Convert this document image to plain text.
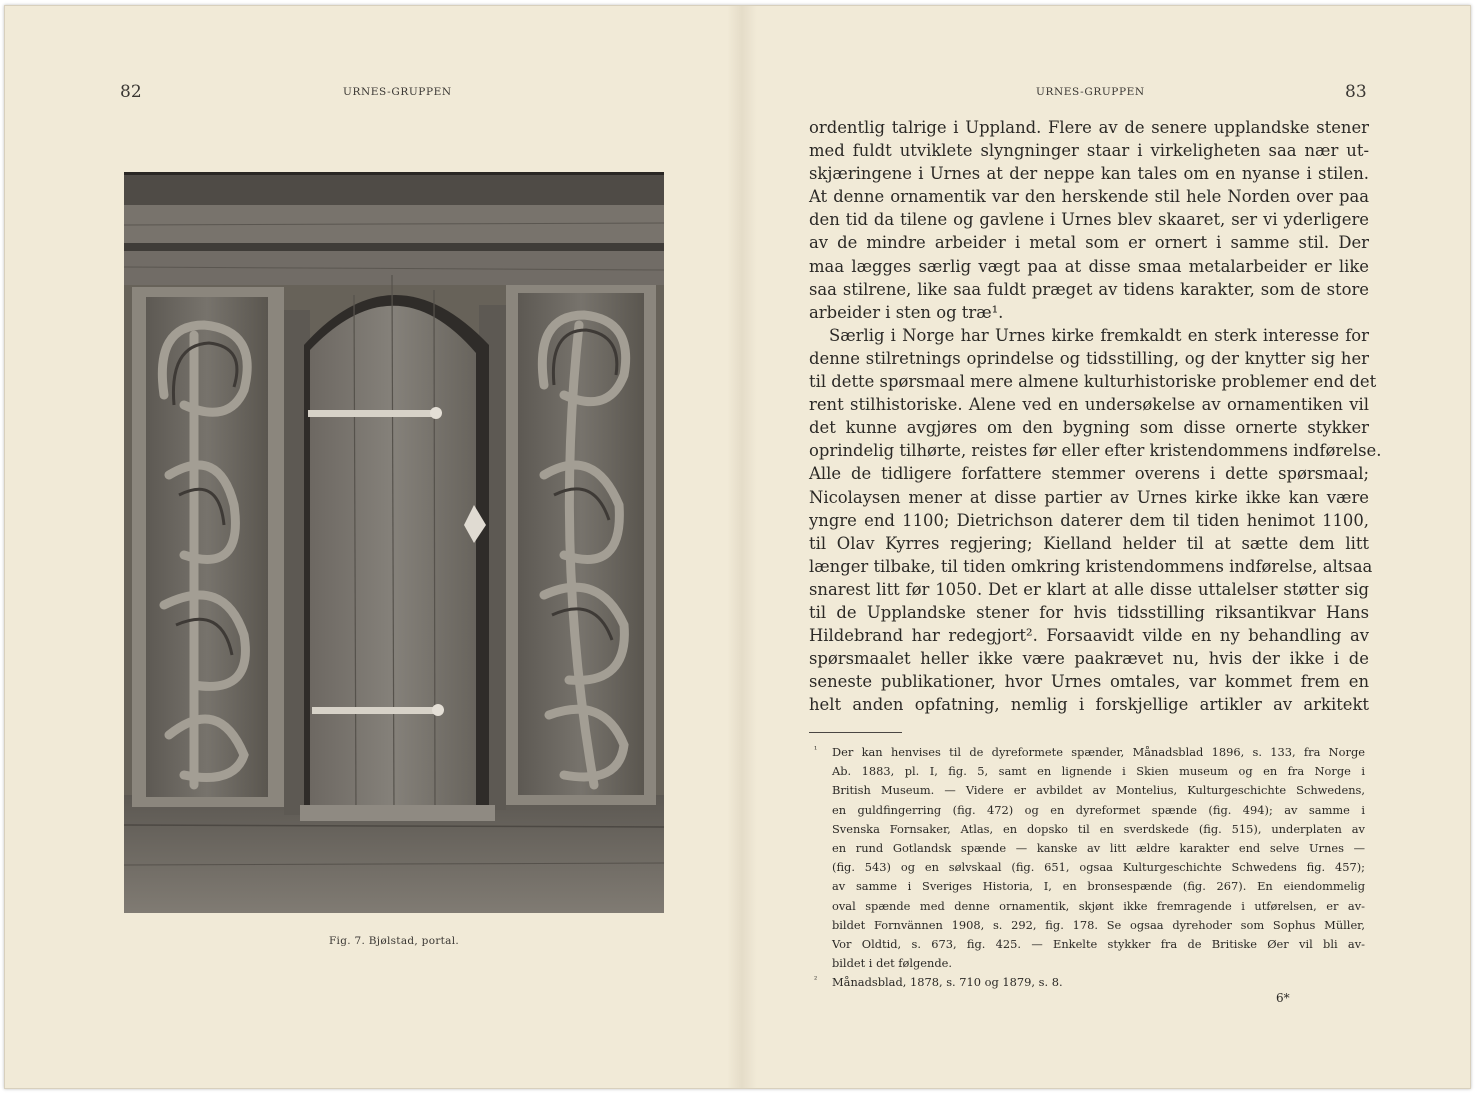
82	URNES-GRUPPEN
Fig. 7. Bjølstad, portal.
URNES-GRUPPEN	83

ordentlig talrige i Uppland. Flere av de senere upplandske stener
med fuldt utviklete slyngninger staar i virkeligheten saa nær ut-
skjæringene i Urnes at der neppe kan tales om en nyanse i stilen.
At denne ornamentik var den herskende stil hele Norden over paa
den tid da tilene og gavlene i Urnes blev skaaret, ser vi yderligere
av de mindre arbeider i metal som er ornert i samme stil. Der
maa lægges særlig vægt paa at disse smaa metalarbeider er like
saa stilrene, like saa fuldt præget av tidens karakter, som de store
arbeider i sten og træ¹.

Særlig i Norge har Urnes kirke fremkaldt en sterk interesse for
denne stilretnings oprindelse og tidsstilling, og der knytter sig her
til dette spørsmaal mere almene kulturhistoriske problemer end det
rent stilhistoriske. Alene ved en undersøkelse av ornamentiken vil
det kunne avgjøres om den bygning som disse ornerte stykker
oprindelig tilhørte, reistes før eller efter kristendommens indførelse.
Alle de tidligere forfattere stemmer overens i dette spørsmaal;
Nicolaysen mener at disse partier av Urnes kirke ikke kan være
yngre end 1100; Dietrichson daterer dem til tiden henimot 1100,
til Olav Kyrres regjering; Kielland helder til at sætte dem litt
længer tilbake, til tiden omkring kristendommens indførelse, altsaa
snarest litt før 1050. Det er klart at alle disse uttalelser støtter sig
til de Upplandske stener for hvis tidsstilling riksantikvar Hans
Hildebrand har redegjort². Forsaavidt vilde en ny behandling av
spørsmaalet heller ikke være paakrævet nu, hvis der ikke i de
seneste publikationer, hvor Urnes omtales, var kommet frem en
helt anden opfatning, nemlig i forskjellige artikler av arkitekt

¹ Der kan henvises til de dyreformete spænder, Månadsblad 1896, s. 133, fra Norge
Ab. 1883, pl. I, fig. 5, samt en lignende i Skien museum og en fra Norge i
British Museum. — Videre er avbildet av Montelius, Kulturgeschichte Schwedens,
en guldfingerring (fig. 472) og en dyreformet spænde (fig. 494); av samme i
Svenska Fornsaker, Atlas, en dopsko til en sverdskede (fig. 515), underplaten av
en rund Gotlandsk spænde — kanske av litt ældre karakter end selve Urnes —
(fig. 543) og en sølvskaal (fig. 651, ogsaa Kulturgeschichte Schwedens fig. 457);
av samme i Sveriges Historia, I, en bronsespænde (fig. 267). En eiendommelig
oval spænde med denne ornamentik, skjønt ikke fremragende i utførelsen, er av-
bildet Fornvännen 1908, s. 292, fig. 178. Se ogsaa dyrehoder som Sophus Müller,
Vor Oldtid, s. 673, fig. 425. — Enkelte stykker fra de Britiske Øer vil bli av-
bildet i det følgende.

² Månadsblad, 1878, s. 710 og 1879, s. 8.

6*
